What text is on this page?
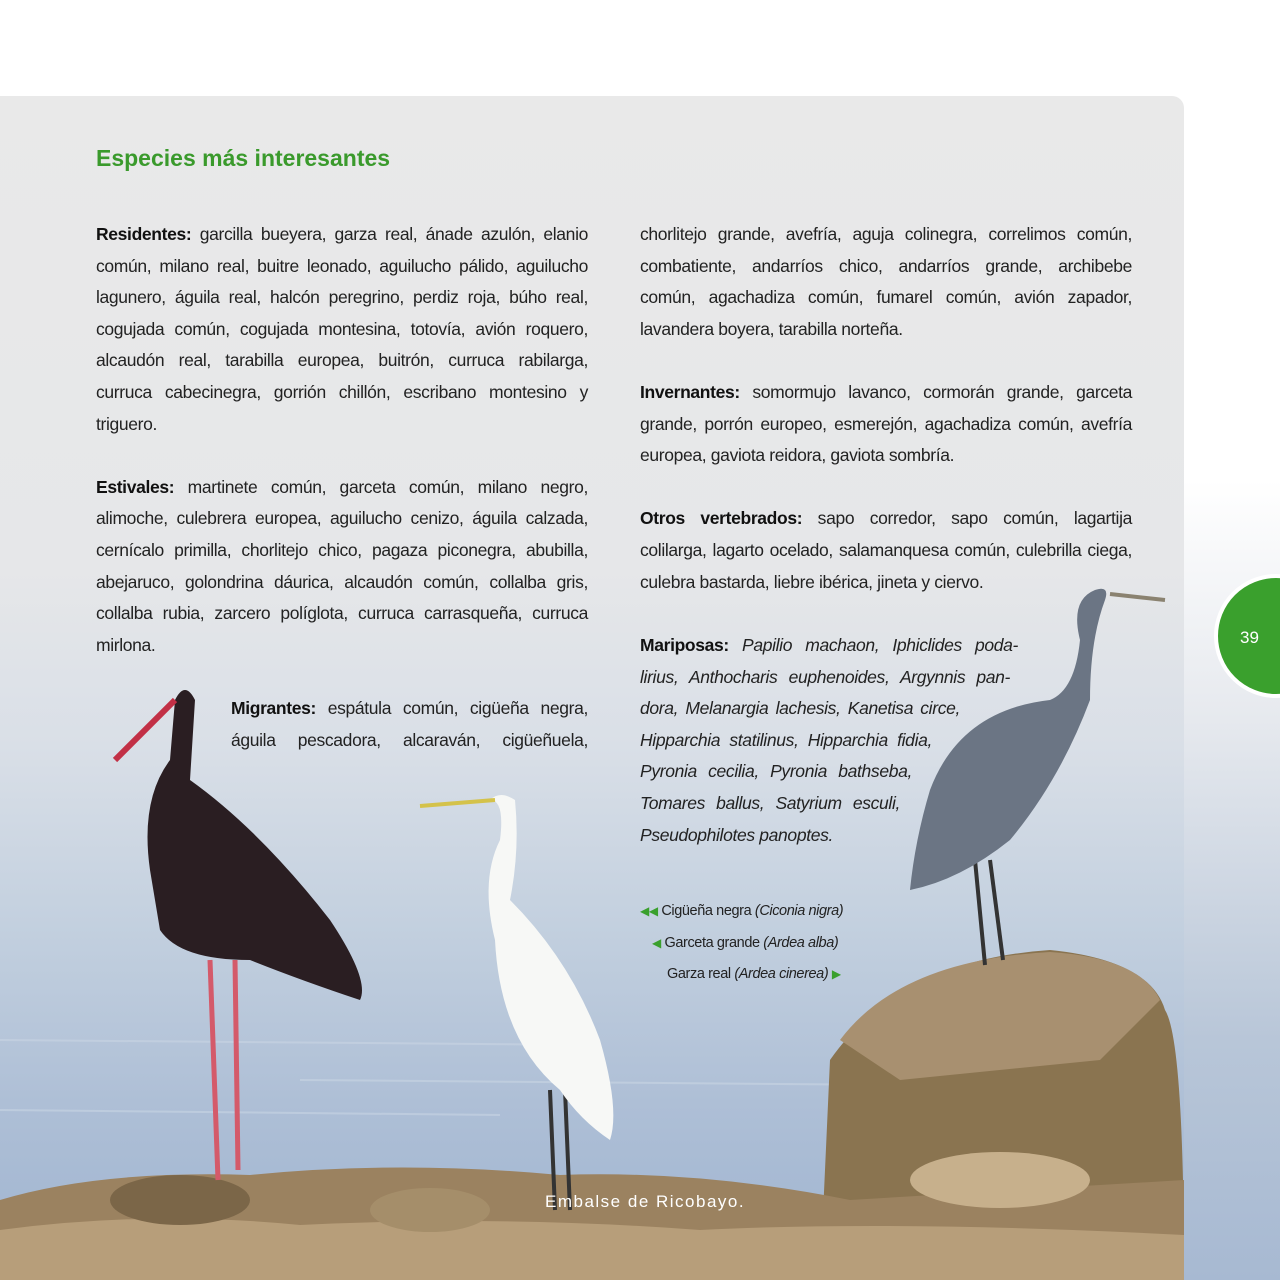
Especies más interesantes

Residentes: garcilla bueyera, garza real, ánade azulón, elanio común, milano real, buitre leonado, aguilucho pálido, aguilucho lagunero, águila real, halcón peregrino, perdiz roja, búho real, cogujada común, cogujada montesina, totovía, avión roquero, alcaudón real, tarabilla europea, buitrón, curruca rabilarga, curruca cabecinegra, gorrión chillón, escribano montesino y triguero.

Estivales: martinete común, garceta común, milano negro, alimoche, culebrera europea, aguilucho cenizo, águila calzada, cernícalo primilla, chorlitejo chico, pagaza piconegra, abubilla, abejaruco, golondrina dáurica, alcaudón común, collalba gris, collalba rubia, zarcero políglota, curruca carrasqueña, curruca mirlona.

Migrantes: espátula común, cigüeña negra,
águila pescadora, alcaraván, cigüeñuela,

chorlitejo grande, avefría, aguja colinegra, correlimos común, combatiente, andarríos chico, andarríos grande, archibebe común, agachadiza común, fumarel común, avión zapador, lavandera boyera, tarabilla norteña.

Invernantes: somormujo lavanco, cormorán grande, garceta grande, porrón europeo, esmerejón, agachadiza común, avefría europea, gaviota reidora, gaviota sombría.

Otros vertebrados: sapo corredor, sapo común, lagartija colilarga, lagarto ocelado, salamanquesa común, culebrilla ciega, culebra bastarda, liebre ibérica, jineta y ciervo.

Mariposas: Papilio machaon, Iphiclides poda-
lirius, Anthocharis euphenoides, Argynnis pan-
dora, Melanargia lachesis, Kanetisa circe,
Hipparchia statilinus, Hipparchia fidia,
Pyronia cecilia, Pyronia bathseba,
Tomares ballus, Satyrium esculi,
Pseudophilotes panoptes.
◀◀ Cigüeña negra (Ciconia nigra)
◀ Garceta grande (Ardea alba)
Garza real (Ardea cinerea) ▶
39
Embalse de Ricobayo.
